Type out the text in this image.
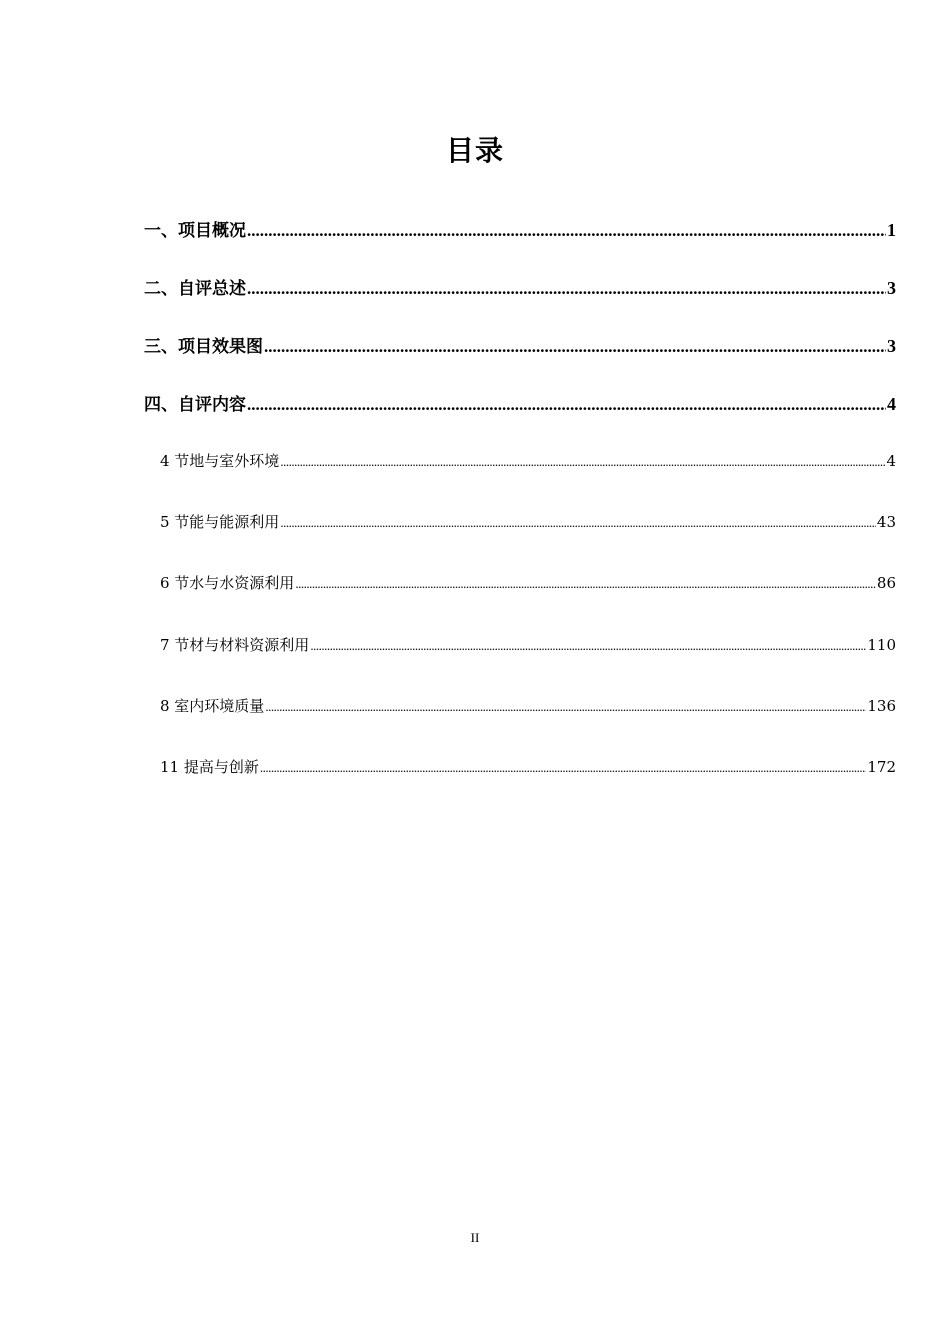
目录
一、项目概况 .....	1
二、自评总述 .....	3
三、项目效果图 .....	3
四、自评内容 .....	4
4 节地与室外环境 .....	4
5 节能与能源利用 .....	43
6 节水与水资源利用 .....	86
7 节材与材料资源利用 .....	110
8 室内环境质量 .....	136
11 提高与创新 .....	172
II
